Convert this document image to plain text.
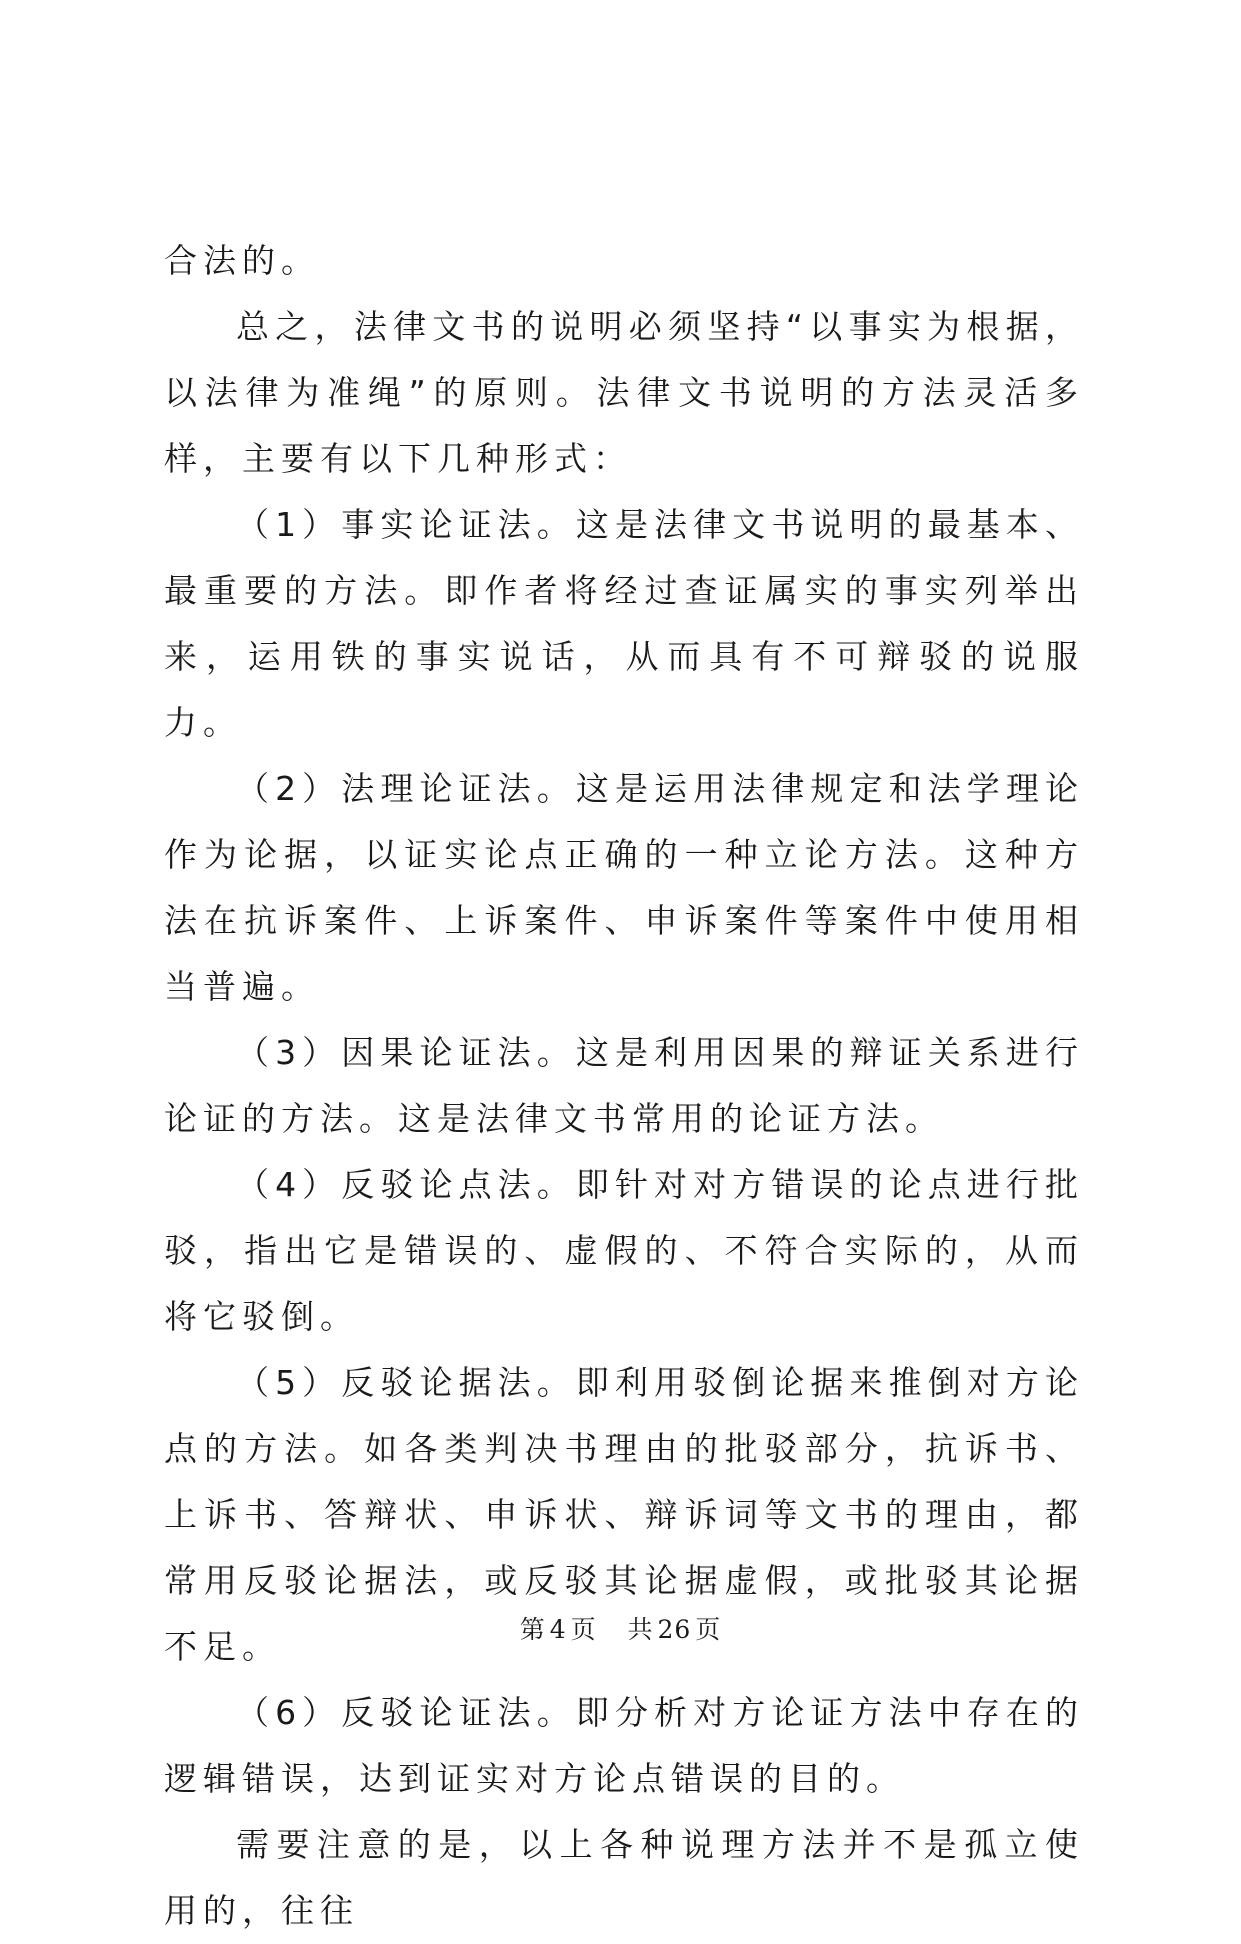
合法的。

总之，法律文书的说明必须坚持“以事实为根据，以法律为准绳”的原则。法律文书说明的方法灵活多样，主要有以下几种形式：

（1）事实论证法。这是法律文书说明的最基本、最重要的方法。即作者将经过查证属实的事实列举出来，运用铁的事实说话，从而具有不可辩驳的说服力。

（2）法理论证法。这是运用法律规定和法学理论作为论据，以证实论点正确的一种立论方法。这种方法在抗诉案件、上诉案件、申诉案件等案件中使用相当普遍。

（3）因果论证法。这是利用因果的辩证关系进行论证的方法。这是法律文书常用的论证方法。

（4）反驳论点法。即针对对方错误的论点进行批驳，指出它是错误的、虚假的、不符合实际的，从而将它驳倒。

（5）反驳论据法。即利用驳倒论据来推倒对方论点的方法。如各类判决书理由的批驳部分，抗诉书、上诉书、答辩状、申诉状、辩诉词等文书的理由，都常用反驳论据法，或反驳其论据虚假，或批驳其论据不足。

（6）反驳论证法。即分析对方论证方法中存在的逻辑错误，达到证实对方论点错误的目的。

需要注意的是，以上各种说理方法并不是孤立使用的，往往

第 4 页 共 26 页
